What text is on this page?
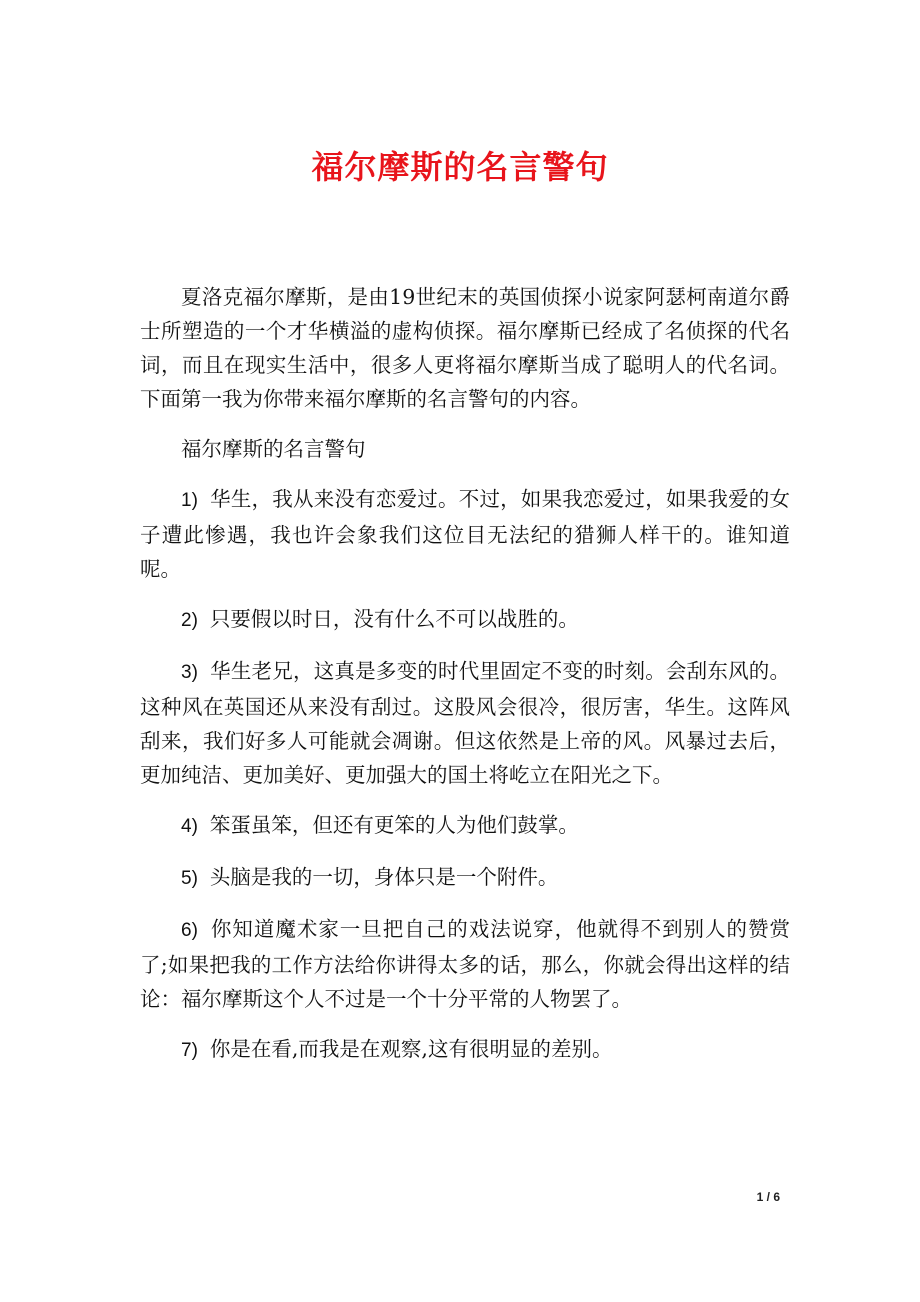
福尔摩斯的名言警句

夏洛克福尔摩斯，是由19世纪末的英国侦探小说家阿瑟柯南道尔爵士所塑造的一个才华横溢的虚构侦探。福尔摩斯已经成了名侦探的代名词，而且在现实生活中，很多人更将福尔摩斯当成了聪明人的代名词。下面第一我为你带来福尔摩斯的名言警句的内容。

福尔摩斯的名言警句

1) 华生，我从来没有恋爱过。不过，如果我恋爱过，如果我爱的女子遭此惨遇，我也许会象我们这位目无法纪的猎狮人样干的。谁知道呢。

2) 只要假以时日，没有什么不可以战胜的。

3) 华生老兄，这真是多变的时代里固定不变的时刻。会刮东风的。这种风在英国还从来没有刮过。这股风会很冷，很厉害，华生。这阵风刮来，我们好多人可能就会凋谢。但这依然是上帝的风。风暴过去后，更加纯洁、更加美好、更加强大的国土将屹立在阳光之下。

4) 笨蛋虽笨，但还有更笨的人为他们鼓掌。

5) 头脑是我的一切，身体只是一个附件。

6) 你知道魔术家一旦把自己的戏法说穿，他就得不到别人的赞赏了;如果把我的工作方法给你讲得太多的话，那么，你就会得出这样的结论：福尔摩斯这个人不过是一个十分平常的人物罢了。

7) 你是在看,而我是在观察,这有很明显的差别。

1 / 6
